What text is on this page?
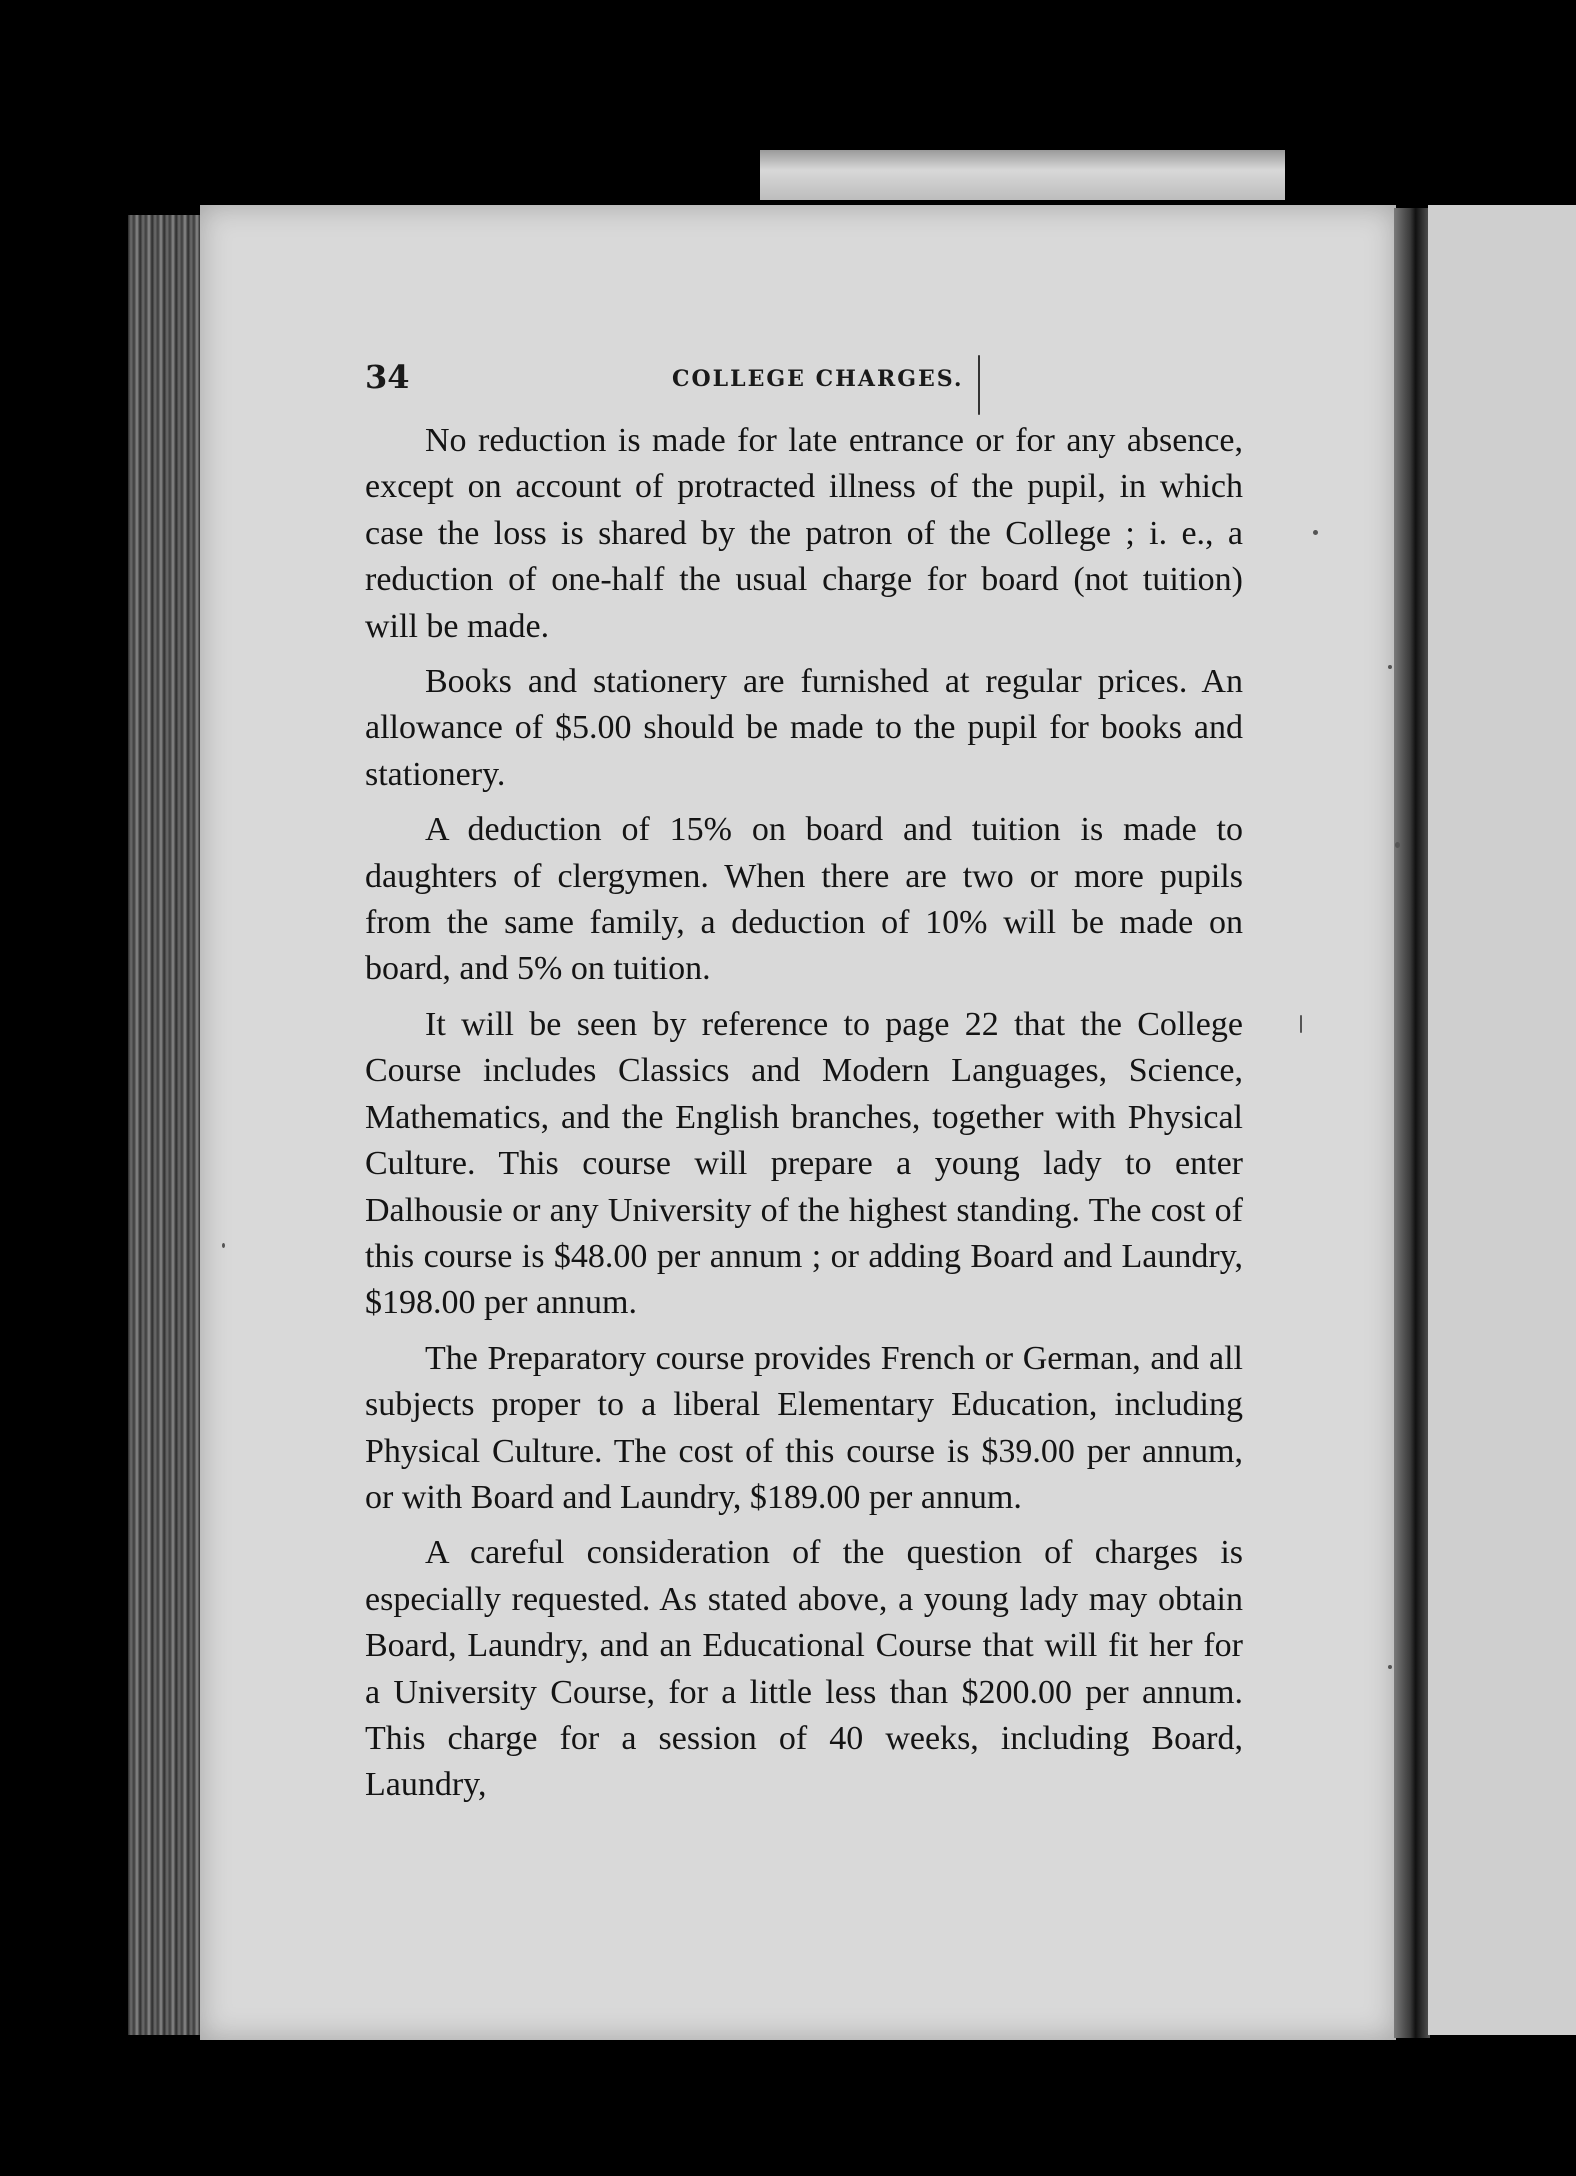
34	COLLEGE CHARGES.

No reduction is made for late entrance or for any absence, except on account of protracted illness of the pupil, in which case the loss is shared by the patron of the College ; i. e., a reduction of one-half the usual charge for board (not tuition) will be made.

Books and stationery are furnished at regular prices. An allowance of $5.00 should be made to the pupil for books and stationery.

A deduction of 15% on board and tuition is made to daughters of clergymen. When there are two or more pupils from the same family, a deduction of 10% will be made on board, and 5% on tuition.

It will be seen by reference to page 22 that the College Course includes Classics and Modern Languages, Science, Mathematics, and the English branches, together with Physical Culture. This course will prepare a young lady to enter Dalhousie or any University of the highest standing. The cost of this course is $48.00 per annum ; or adding Board and Laundry, $198.00 per annum.

The Preparatory course provides French or German, and all subjects proper to a liberal Elementary Education, including Physical Culture. The cost of this course is $39.00 per annum, or with Board and Laundry, $189.00 per annum.

A careful consideration of the question of charges is especially requested. As stated above, a young lady may obtain Board, Laundry, and an Educational Course that will fit her for a University Course, for a little less than $200.00 per annum. This charge for a session of 40 weeks, including Board, Laundry,
